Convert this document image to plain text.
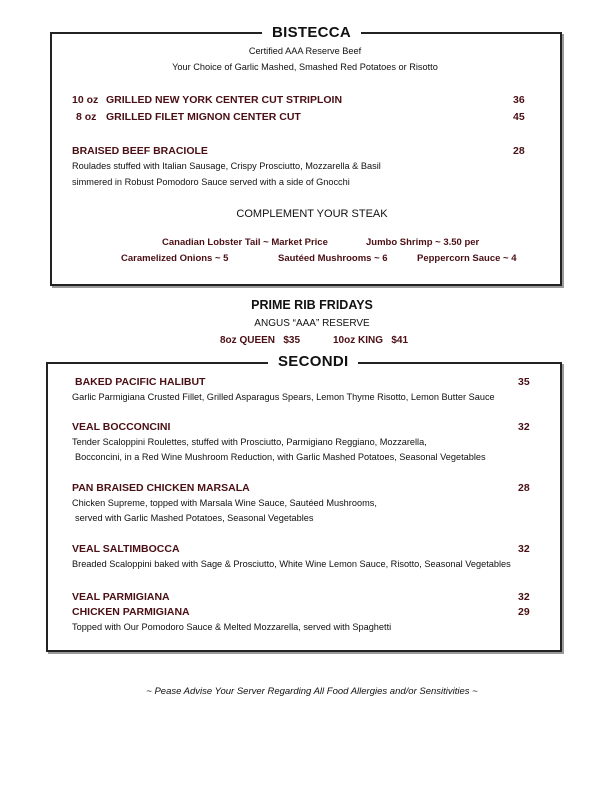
BISTECCA
Certified AAA Reserve Beef
Your Choice of Garlic Mashed, Smashed Red Potatoes or Risotto
10 oz GRILLED NEW YORK CENTER CUT STRIPLOIN	36
8 oz GRILLED FILET MIGNON CENTER CUT	45
BRAISED BEEF BRACIOLE	28
Roulades stuffed with Italian Sausage, Crispy Prosciutto, Mozzarella & Basil
simmered in Robust Pomodoro Sauce served with a side of Gnocchi
COMPLEMENT YOUR STEAK
Canadian Lobster Tail ~ Market Price	Jumbo Shrimp ~ 3.50 per
Caramelized Onions ~ 5	Sautéed Mushrooms ~ 6	Peppercorn Sauce ~ 4
PRIME RIB FRIDAYS
ANGUS “AAA” RESERVE
8oz QUEEN   $35	10oz KING   $41
SECONDI
BAKED PACIFIC HALIBUT	35
Garlic Parmigiana Crusted Fillet, Grilled Asparagus Spears, Lemon Thyme Risotto, Lemon Butter Sauce
VEAL BOCCONCINI	32
Tender Scaloppini Roulettes, stuffed with Prosciutto, Parmigiano Reggiano, Mozzarella,
Bocconcini, in a Red Wine Mushroom Reduction, with Garlic Mashed Potatoes, Seasonal Vegetables
PAN BRAISED CHICKEN MARSALA	28
Chicken Supreme, topped with Marsala Wine Sauce, Sautéed Mushrooms,
served with Garlic Mashed Potatoes, Seasonal Vegetables
VEAL SALTIMBOCCA	32
Breaded Scaloppini baked with Sage & Prosciutto, White Wine Lemon Sauce, Risotto, Seasonal Vegetables
VEAL PARMIGIANA	32
CHICKEN PARMIGIANA	29
Topped with Our Pomodoro Sauce & Melted Mozzarella, served with Spaghetti
~ Pease Advise Your Server Regarding All Food Allergies and/or Sensitivities ~
